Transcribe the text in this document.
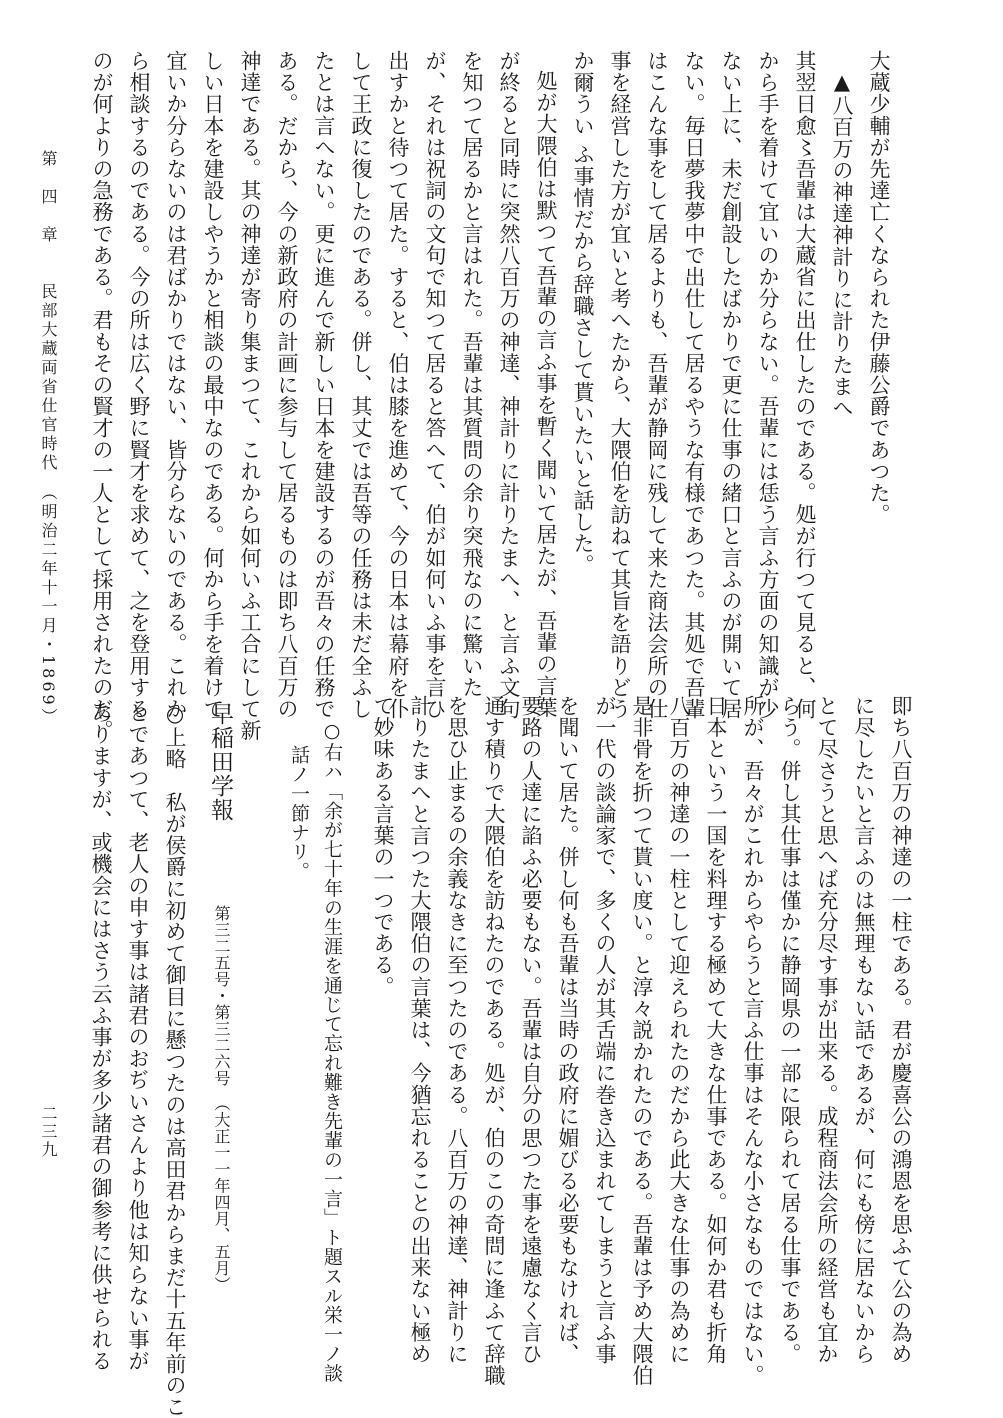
第　四　章　　民部大蔵両省仕官時代　（明治二年十一月・1869）	大蔵少輔が先達亡くなられた伊藤公爵であつた。
▲八百万の神達神計りに計りたまへ
其翌日愈〻吾輩は大蔵省に出仕したのである。処が行つて見ると、何
から手を着けて宜いのか分らない。吾輩には恁う言ふ方面の知識が少
ない上に、未だ創設したばかりで更に仕事の緒口と言ふのが開いて居
ない。毎日夢我夢中で出仕して居るやうな有様であつた。其処で吾輩
はこんな事をして居るよりも、吾輩が静岡に残して来た商法会所の仕
事を経営した方が宜いと考へたから、大隈伯を訪ねて其旨を語りどう
か爾うい ふ事情だから辞職さして貰いたいと話した。
処が大隈伯は默つて吾輩の言ふ事を暫く聞いて居たが、吾輩の言葉
が終ると同時に突然八百万の神達、神計りに計りたまへ、と言ふ文句
を知つて居るかと言はれた。吾輩は其質問の余り突飛なのに驚いた
が、それは祝詞の文句で知つて居ると答へて、伯が如何いふ事を言ひ
出すかと待つて居た。すると、伯は膝を進めて、今の日本は幕府を仆
して王政に復したのである。併し、其丈では吾等の任務は未だ全ふし
たとは言へない。更に進んで新しい日本を建設するのが吾々の任務で
ある。だから、今の新政府の計画に参与して居るものは即ち八百万の
神達である。其の神達が寄り集まつて、これから如何いふ工合にして新
しい日本を建設しやうかと相談の最中なのである。何から手を着けて
宜いか分らないのは君ばかりではない、皆分らないのである。これか
ら相談するのである。今の所は広く野に賢才を求めて、之を登用する
のが何よりの急務である。君もその賢才の一人として採用されたのだ。
即ち八百万の神達の一柱である。君が慶喜公の鴻恩を思ふて公の為め
に尽したいと言ふのは無理もない話であるが、何にも傍に居ないから
とて尽さうと思へば充分尽す事が出来る。成程商法会所の経営も宜か
らう。併し其仕事は僅かに静岡県の一部に限られて居る仕事である。
所が、吾々がこれからやらうと言ふ仕事はそんな小さなものではない。
日本という一国を料理する極めて大きな仕事である。如何か君も折角
八百万の神達の一柱として迎えられたのだから此大きな仕事の為めに
是非骨を折つて貰い度い。と淳々説かれたのである。吾輩は予め大隈伯
が一代の談論家で、多くの人が其舌端に巻き込まれてしまうと言ふ事
を聞いて居た。併し何も吾輩は当時の政府に媚びる必要もなければ、
要路の人達に諂ふ必要もない。吾輩は自分の思つた事を遠慮なく言ひ
通す積りで大隈伯を訪ねたのである。処が、伯のこの奇問に逢ふて辞職
を思ひ止まるの余義なきに至つたのである。八百万の神達、神計りに
計りたまへと言つた大隈伯の言葉は、今猶忘れることの出来ない極め
て妙味ある言葉の一つである。
○右ハ「余が七十年の生涯を通じて忘れ難き先輩の一言」ト題スル栄一ノ談
話ノ一節ナリ。
早稲田学報
第三二五号・第三二六号　（大正一一年四月、五月）
○上略　私が侯爵に初めて御目に懸つたのは高田君からまだ十五年前のこ
とであつて、老人の申す事は諸君のおぢいさんより他は知らない事が
ありますが、或機会にはさう云ふ事が多少諸君の御参考に供せられる
二三九
